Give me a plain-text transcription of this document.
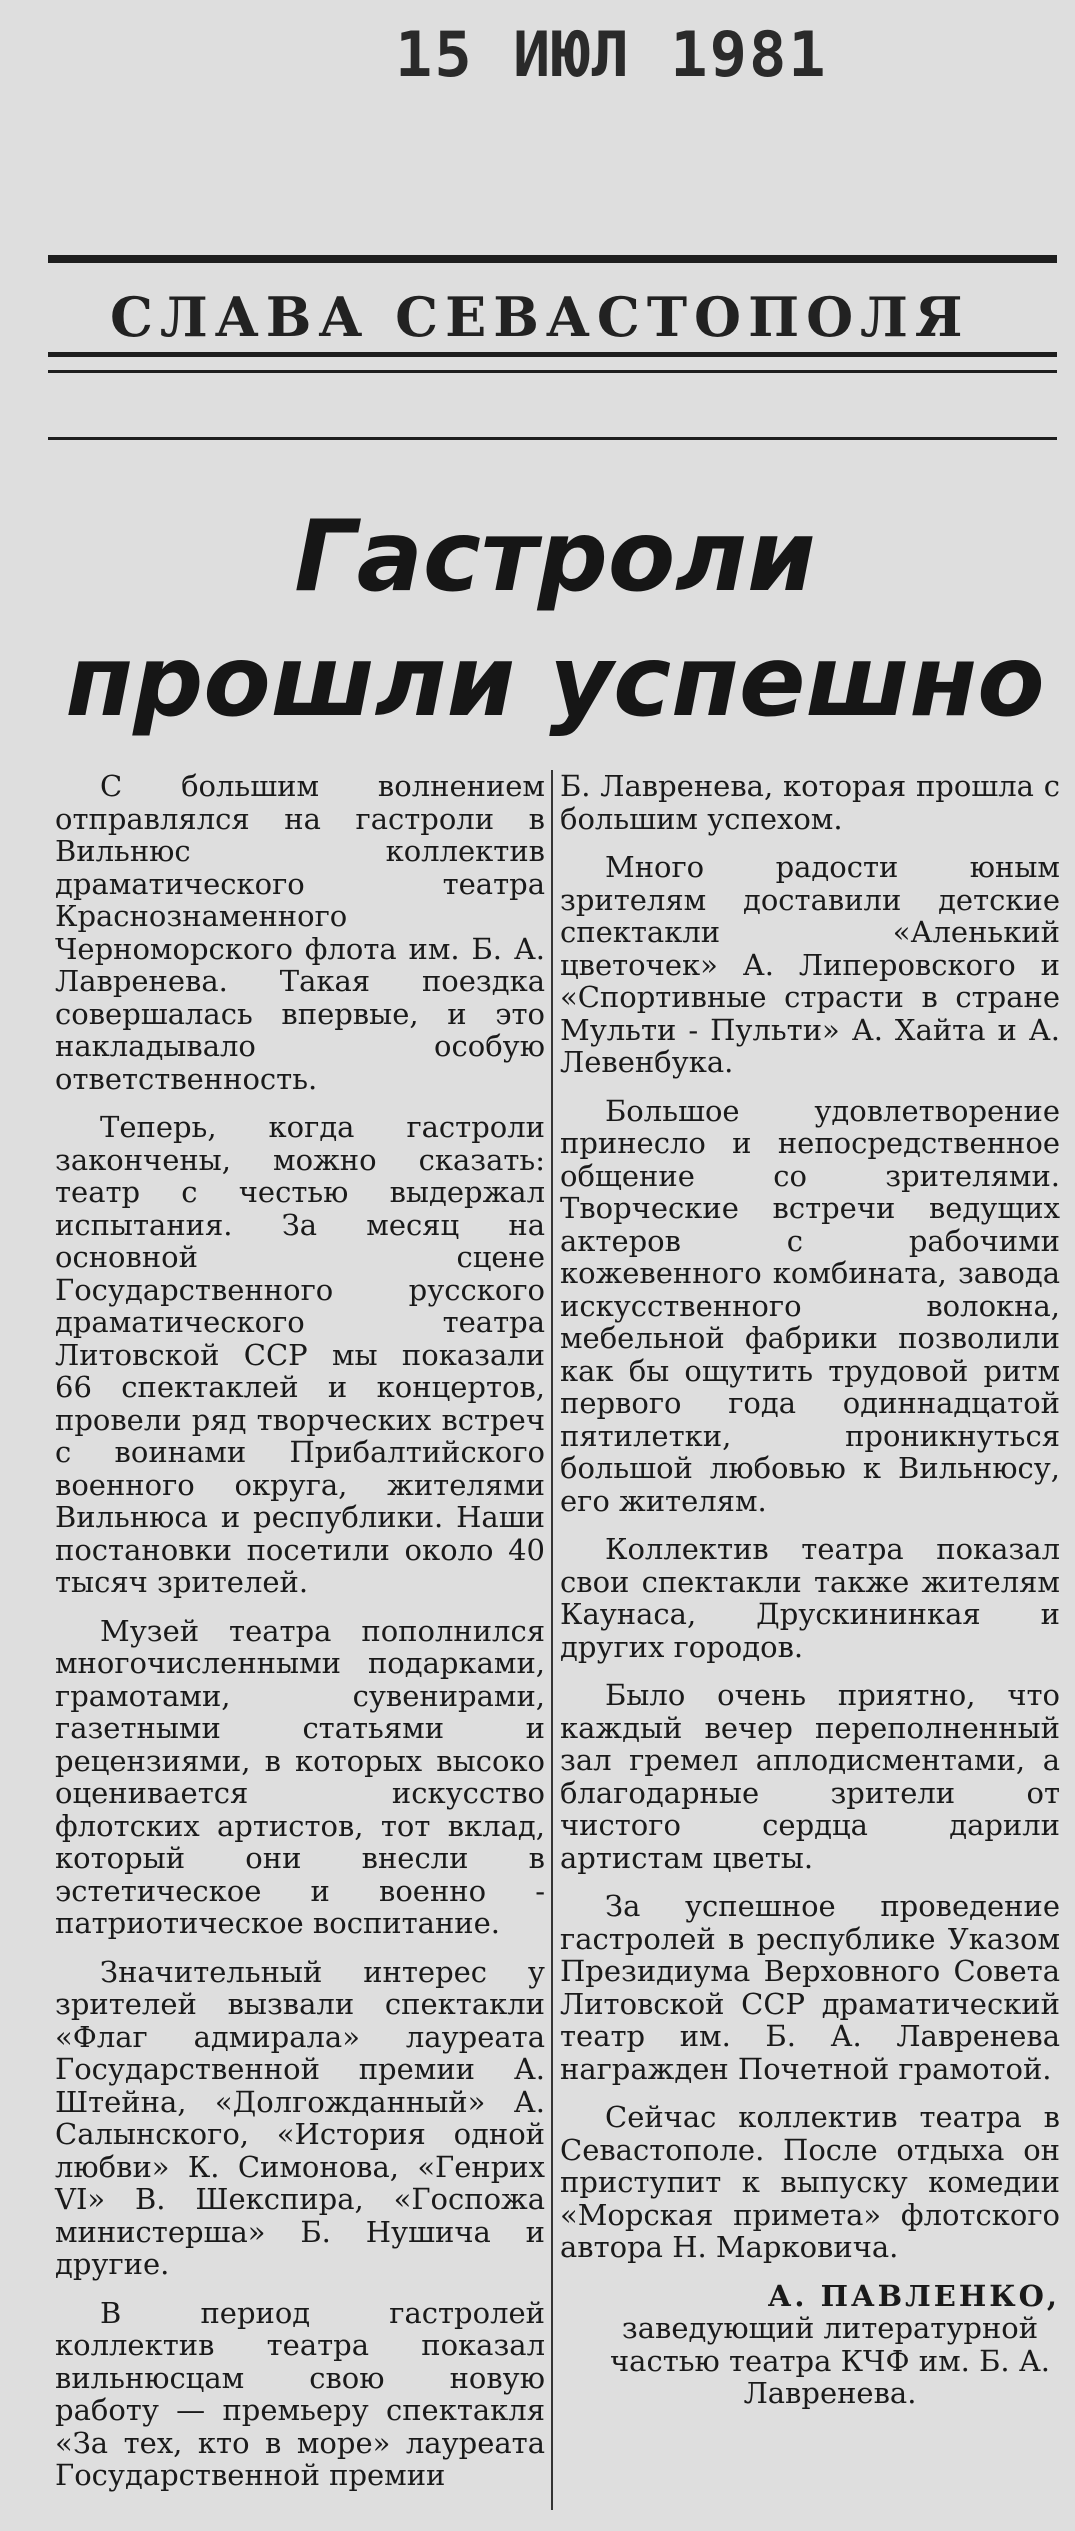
15 ИЮЛ 1981
СЛАВА СЕВАСТОПОЛЯ
Гастроли
прошли успешно

С большим волнением отправлялся на гастроли в Вильнюс коллектив драматического театра Краснознаменного Черноморского флота им. Б. А. Лавренева. Такая поездка совершалась впервые, и это накладывало особую ответственность.

Теперь, когда гастроли закончены, можно сказать: театр с честью выдержал испытания. За месяц на основной сцене Государственного русского драматического театра Литовской ССР мы показали 66 спектаклей и концертов, провели ряд творческих встреч с воинами Прибалтийского военного округа, жителями Вильнюса и республики. Наши постановки посетили около 40 тысяч зрителей.

Музей театра пополнился многочисленными подарками, грамотами, сувенирами, газетными статьями и рецензиями, в которых высоко оценивается искусство флотских артистов, тот вклад, который они внесли в эстетическое и военно - патриотическое воспитание.

Значительный интерес у зрителей вызвали спектакли «Флаг адмирала» лауреата Государственной премии А. Штейна, «Долгожданный» А. Салынского, «История одной любви» К. Симонова, «Генрих VI» В. Шекспира, «Госпожа министерша» Б. Нушича и другие.

В период гастролей коллектив театра показал вильнюсцам свою новую работу — премьеру спектакля «За тех, кто в море» лауреата Государственной премии

Б. Лавренева, которая прошла с большим успехом.

Много радости юным зрителям доставили детские спектакли «Аленький цветочек» А. Липеровского и «Спортивные страсти в стране Мульти - Пульти» А. Хайта и А. Левенбука.

Большое удовлетворение принесло и непосредственное общение со зрителями. Творческие встречи ведущих актеров с рабочими кожевенного комбината, завода искусственного волокна, мебельной фабрики позволили как бы ощутить трудовой ритм первого года одиннадцатой пятилетки, проникнуться большой любовью к Вильнюсу, его жителям.

Коллектив театра показал свои спектакли также жителям Каунаса, Друскининкая и других городов.

Было очень приятно, что каждый вечер переполненный зал гремел аплодисментами, а благодарные зрители от чистого сердца дарили артистам цветы.

За успешное проведение гастролей в республике Указом Президиума Верховного Совета Литовской ССР драматический театр им. Б. А. Лавренева награжден Почетной грамотой.

Сейчас коллектив театра в Севастополе. После отдыха он приступит к выпуску комедии «Морская примета» флотского автора Н. Марковича.

А. ПАВЛЕНКО,
заведующий литературной частью театра КЧФ им. Б. А. Лавренева.
